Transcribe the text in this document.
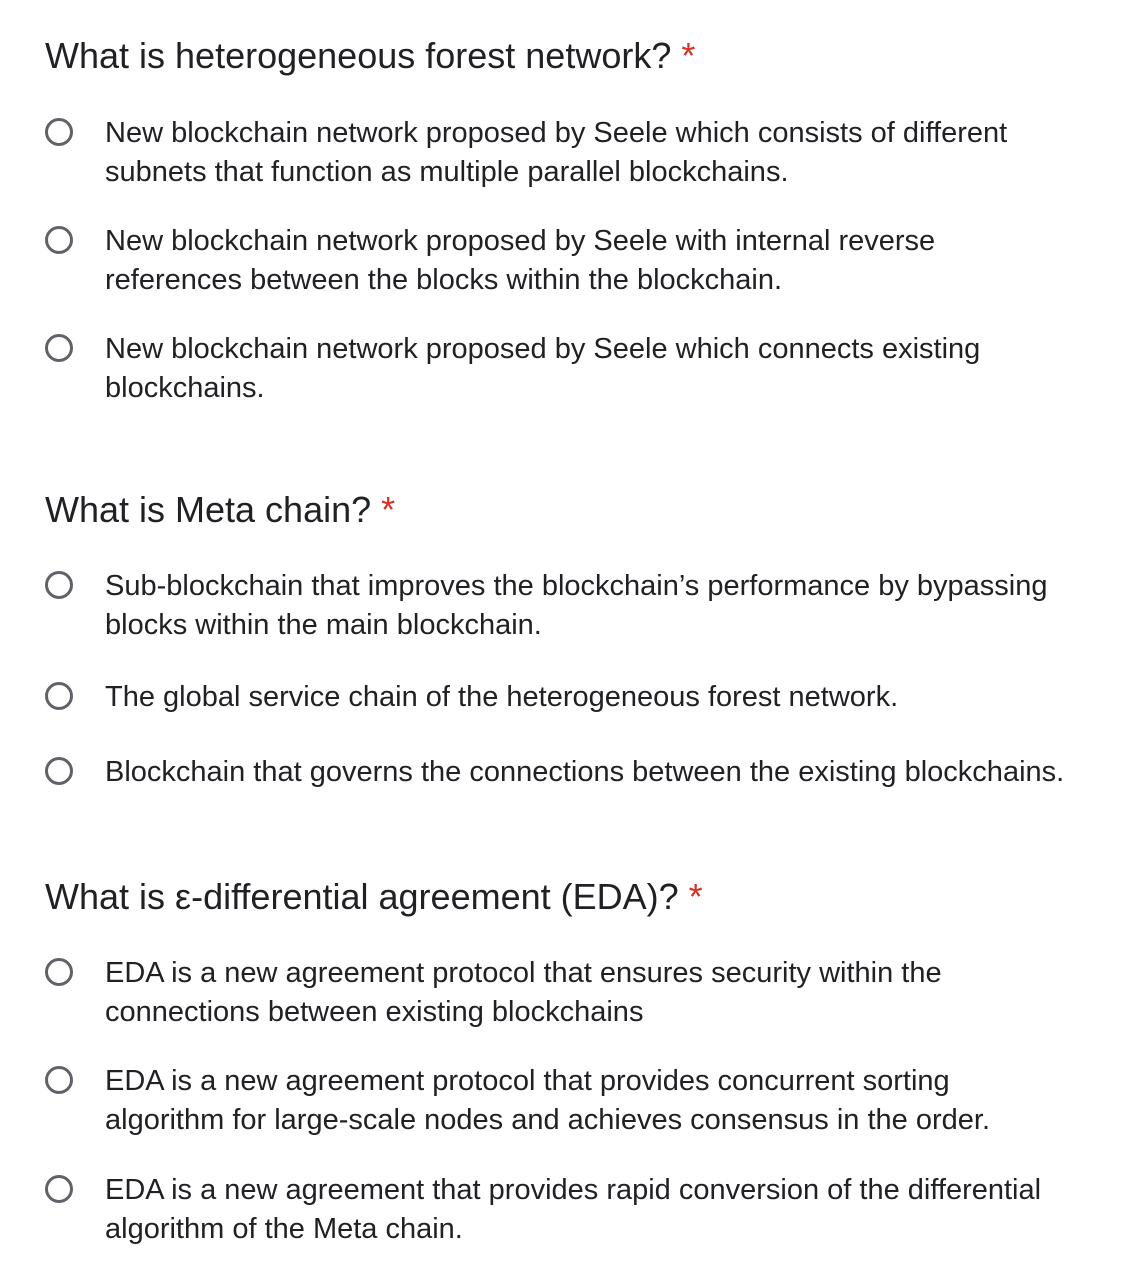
What is heterogeneous forest network? *
New blockchain network proposed by Seele which consists of different subnets that function as multiple parallel blockchains.
New blockchain network proposed by Seele with internal reverse references between the blocks within the blockchain.
New blockchain network proposed by Seele which connects existing blockchains.
What is Meta chain? *
Sub-blockchain that improves the blockchain’s performance by bypassing blocks within the main blockchain.
The global service chain of the heterogeneous forest network.
Blockchain that governs the connections between the existing blockchains.
What is ε-differential agreement (EDA)? *
EDA is a new agreement protocol that ensures security within the connections between existing blockchains
EDA is a new agreement protocol that provides concurrent sorting algorithm for large-scale nodes and achieves consensus in the order.
EDA is a new agreement that provides rapid conversion of the differential algorithm of the Meta chain.
